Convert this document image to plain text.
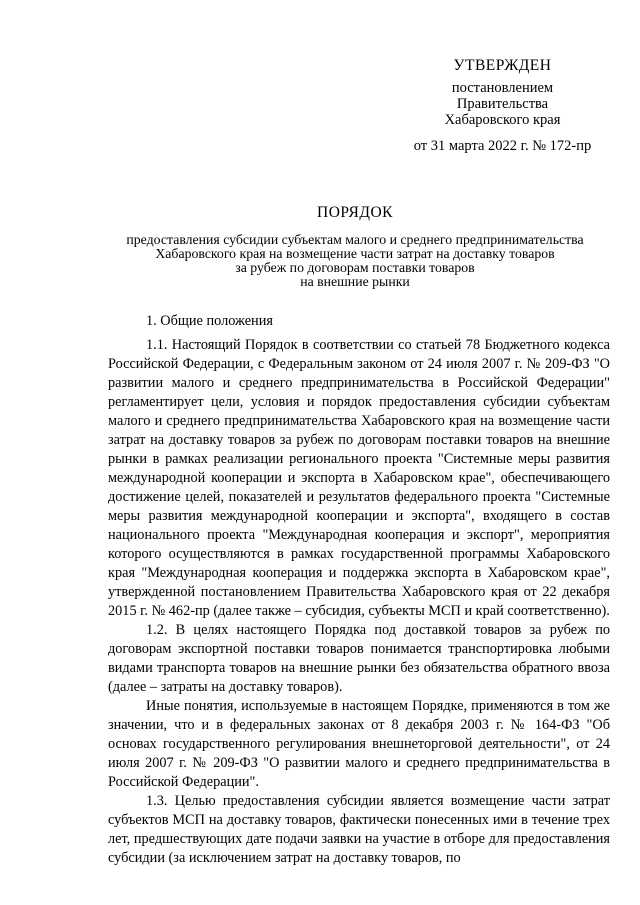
УТВЕРЖДЕН
постановлением
Правительства
Хабаровского края
от 31 марта 2022 г. № 172-пр
ПОРЯДОК
предоставления субсидии субъектам малого и среднего предпринимательства
Хабаровского края на возмещение части затрат на доставку товаров
за рубеж по договорам поставки товаров
на внешние рынки

1. Общие положения

1.1. Настоящий Порядок в соответствии со статьей 78 Бюджетного кодекса Российской Федерации, с Федеральным законом от 24 июля 2007 г. № 209-ФЗ "О развитии малого и среднего предпринимательства в Российской Федерации" регламентирует цели, условия и порядок предоставления субсидии субъектам малого и среднего предпринимательства Хабаровского края на возмещение части затрат на доставку товаров за рубеж по договорам поставки товаров на внешние рынки в рамках реализации регионального проекта "Системные меры развития международной кооперации и экспорта в Хабаровском крае", обеспечивающего достижение целей, показателей и результатов федерального проекта "Системные меры развития международной кооперации и экспорта", входящего в состав национального проекта "Международная кооперация и экспорт", мероприятия которого осуществляются в рамках государственной программы Хабаровского края "Международная кооперация и поддержка экспорта в Хабаровском крае", утвержденной постановлением Правительства Хабаровского края от 22 декабря 2015 г. № 462-пр (далее также – субсидия, субъекты МСП и край соответственно).

1.2. В целях настоящего Порядка под доставкой товаров за рубеж по договорам экспортной поставки товаров понимается транспортировка любыми видами транспорта товаров на внешние рынки без обязательства обратного ввоза (далее – затраты на доставку товаров).

Иные понятия, используемые в настоящем Порядке, применяются в том же значении, что и в федеральных законах от 8 декабря 2003 г. № 164-ФЗ "Об основах государственного регулирования внешнеторговой деятельности", от 24 июля 2007 г. № 209-ФЗ "О развитии малого и среднего предпринимательства в Российской Федерации".

1.3. Целью предоставления субсидии является возмещение части затрат субъектов МСП на доставку товаров, фактически понесенных ими в течение трех лет, предшествующих дате подачи заявки на участие в отборе для предоставления субсидии (за исключением затрат на доставку товаров, по
